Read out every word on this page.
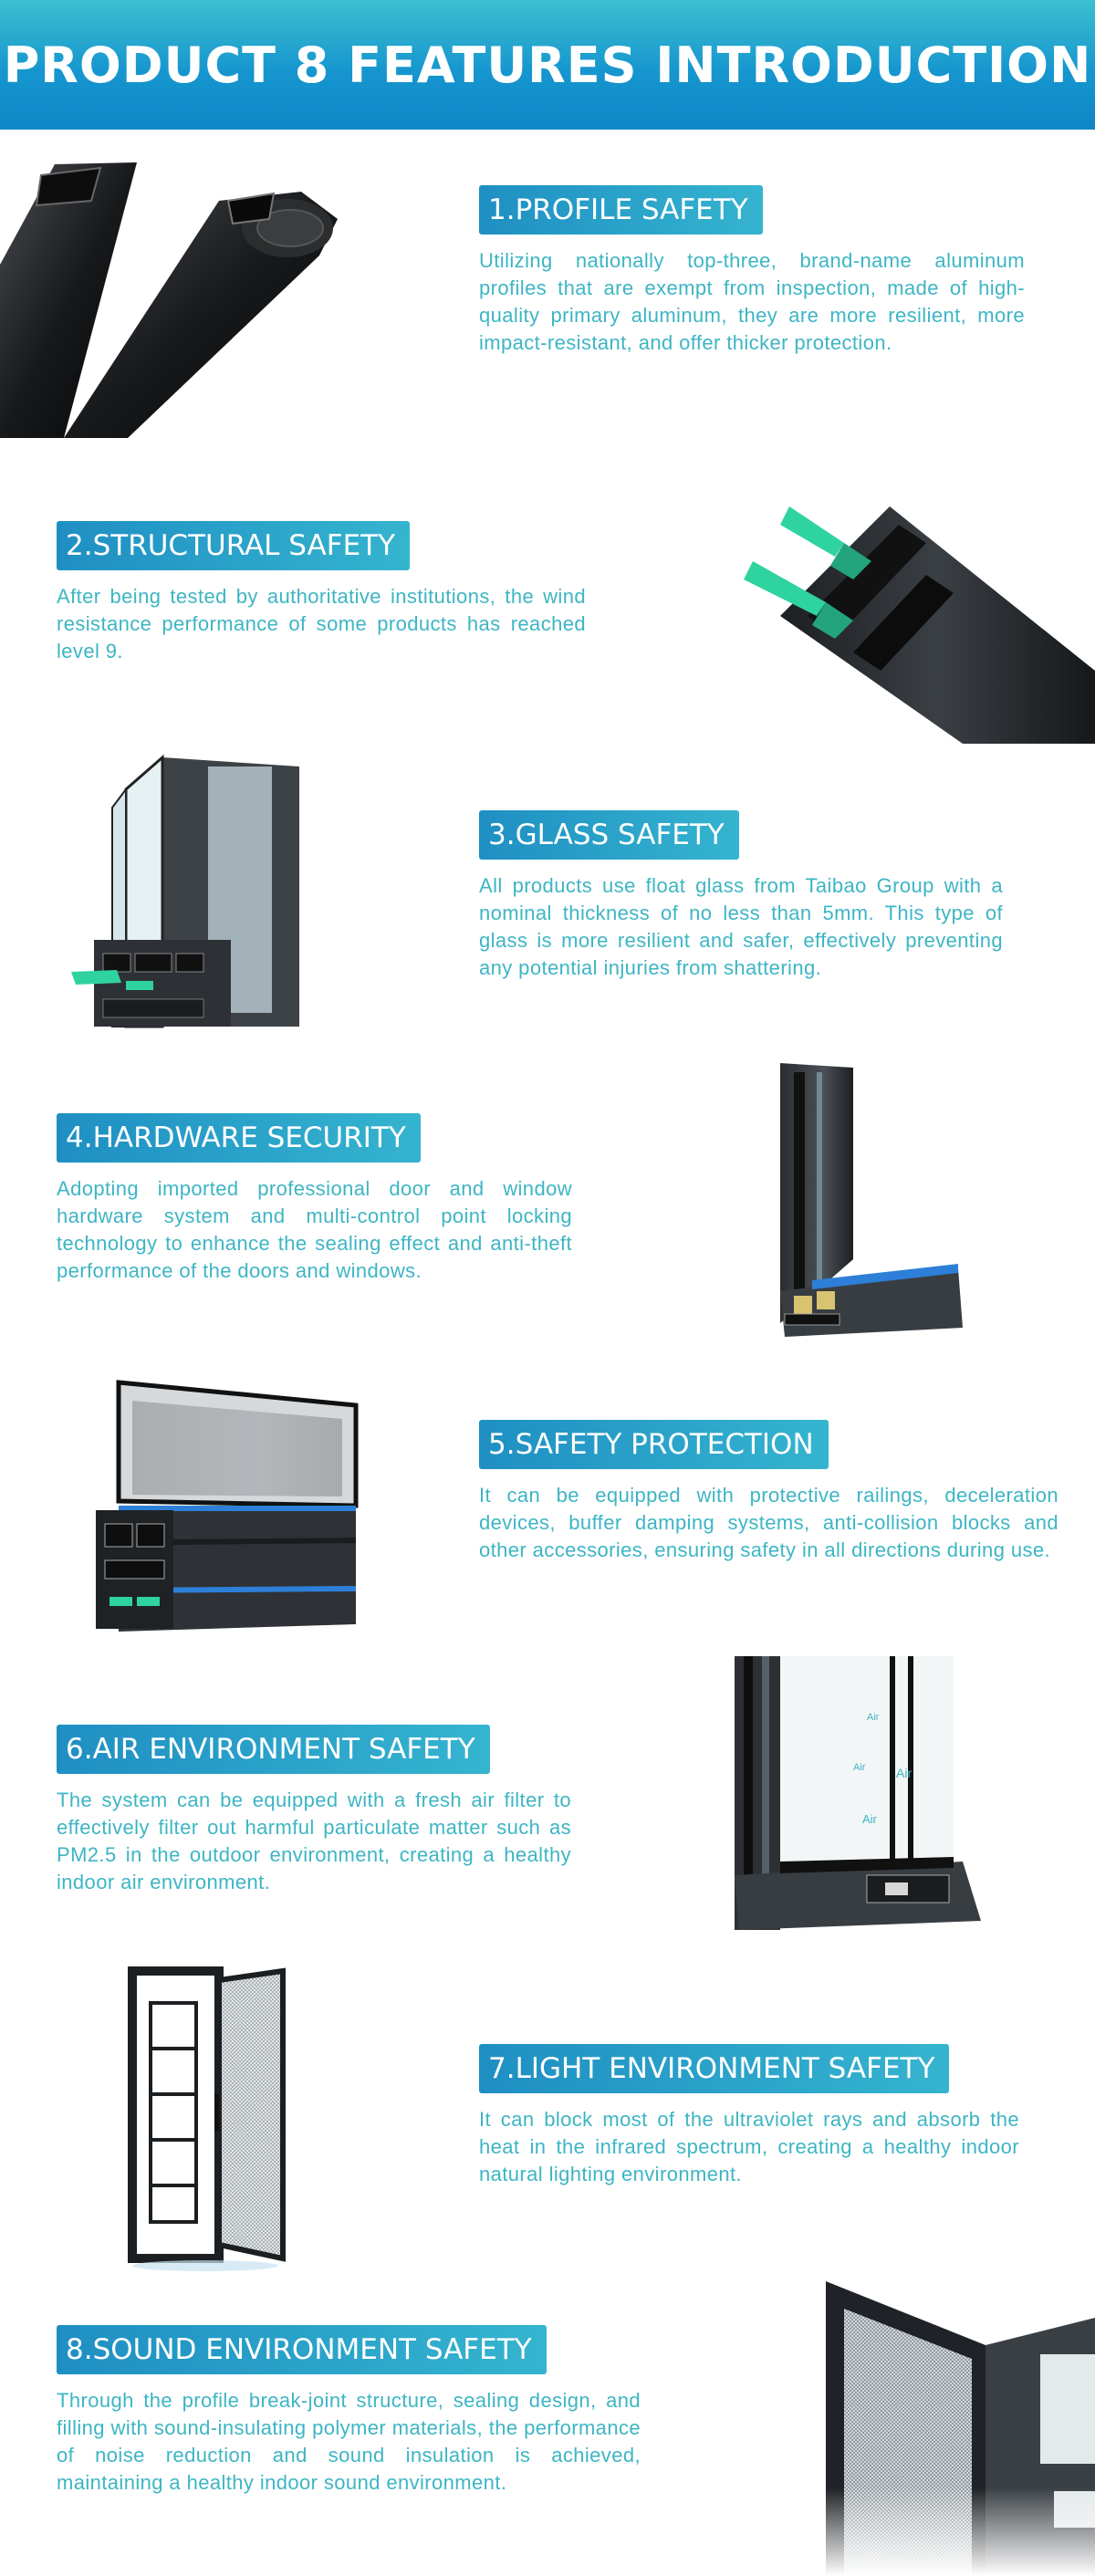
PRODUCT 8 FEATURES INTRODUCTION
1.PROFILE SAFETY
Utilizing nationally top-three, brand-name aluminum profiles that are exempt from inspection, made of high-quality primary aluminum, they are more resilient, more impact-resistant, and offer thicker protection.
2.STRUCTURAL SAFETY
After being tested by authoritative institutions, the wind resistance performance of some products has reached level 9.
3.GLASS SAFETY
All products use float glass from Taibao Group with a nominal thickness of no less than 5mm. This type of glass is more resilient and safer, effectively preventing any potential injuries from shattering.
4.HARDWARE SECURITY
Adopting imported professional door and window hardware system and multi-control point locking technology to enhance the sealing effect and anti-theft performance of the doors and windows.
5.SAFETY PROTECTION
It can be equipped with protective railings, deceleration devices, buffer damping systems, anti-collision blocks and other accessories, ensuring safety in all directions during use.
6.AIR ENVIRONMENT SAFETY
The system can be equipped with a fresh air filter to effectively filter out harmful particulate matter such as PM2.5 in the outdoor environment, creating a healthy indoor air environment.
Air
Air Air
Air
7.LIGHT ENVIRONMENT SAFETY
It can block most of the ultraviolet rays and absorb the heat in the infrared spectrum, creating a healthy indoor natural lighting environment.
8.SOUND ENVIRONMENT SAFETY
Through the profile break-joint structure, sealing design, and filling with sound-insulating polymer materials, the performance of noise reduction and sound insulation is achieved, maintaining a healthy indoor sound environment.
